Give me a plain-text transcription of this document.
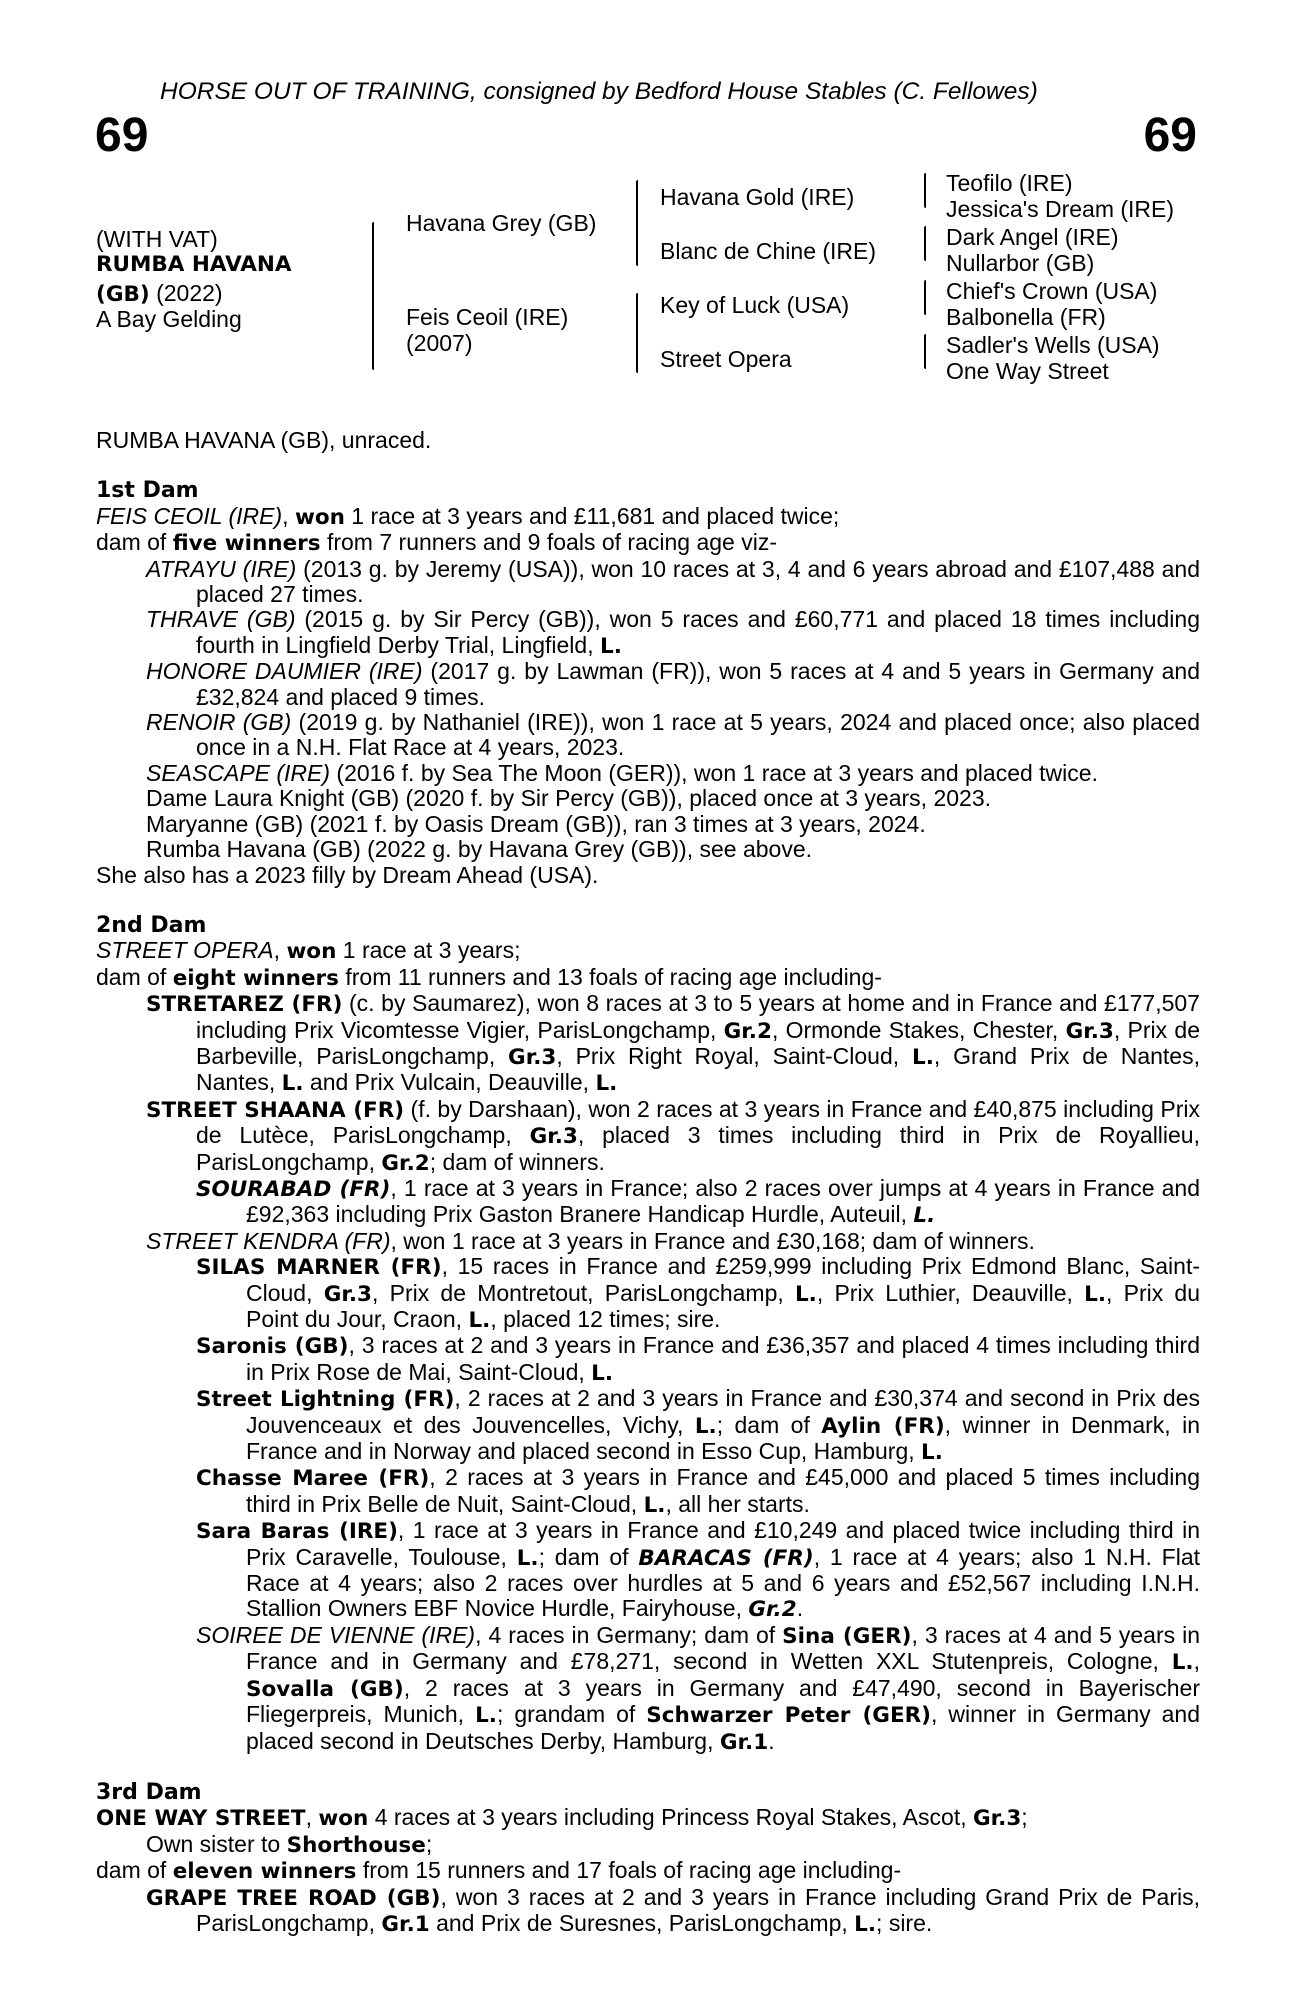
HORSE OUT OF TRAINING, consigned by Bedford House Stables (C. Fellowes)
69	69
(WITH VAT)
RUMBA HAVANA
(GB) (2022)
A Bay Gelding
Havana Grey (GB)
Feis Ceoil (IRE)
(2007)
Havana Gold (IRE)
Blanc de Chine (IRE)
Key of Luck (USA)
Street Opera
Teofilo (IRE)
Jessica's Dream (IRE)
Dark Angel (IRE)
Nullarbor (GB)
Chief's Crown (USA)
Balbonella (FR)
Sadler's Wells (USA)
One Way Street
RUMBA HAVANA (GB), unraced.
1st Dam
FEIS CEOIL (IRE), won 1 race at 3 years and £11,681 and placed twice;
dam of five winners from 7 runners and 9 foals of racing age viz-
ATRAYU (IRE) (2013 g. by Jeremy (USA)), won 10 races at 3, 4 and 6 years abroad and £107,488 and placed 27 times.
THRAVE (GB) (2015 g. by Sir Percy (GB)), won 5 races and £60,771 and placed 18 times including fourth in Lingfield Derby Trial, Lingfield, L.
HONORE DAUMIER (IRE) (2017 g. by Lawman (FR)), won 5 races at 4 and 5 years in Germany and £32,824 and placed 9 times.
RENOIR (GB) (2019 g. by Nathaniel (IRE)), won 1 race at 5 years, 2024 and placed once; also placed once in a N.H. Flat Race at 4 years, 2023.
SEASCAPE (IRE) (2016 f. by Sea The Moon (GER)), won 1 race at 3 years and placed twice.
Dame Laura Knight (GB) (2020 f. by Sir Percy (GB)), placed once at 3 years, 2023.
Maryanne (GB) (2021 f. by Oasis Dream (GB)), ran 3 times at 3 years, 2024.
Rumba Havana (GB) (2022 g. by Havana Grey (GB)), see above.
She also has a 2023 filly by Dream Ahead (USA).
2nd Dam
STREET OPERA, won 1 race at 3 years;
dam of eight winners from 11 runners and 13 foals of racing age including-
STRETAREZ (FR) (c. by Saumarez), won 8 races at 3 to 5 years at home and in France and £177,507 including Prix Vicomtesse Vigier, ParisLongchamp, Gr.2, Ormonde Stakes, Chester, Gr.3, Prix de Barbeville, ParisLongchamp, Gr.3, Prix Right Royal, Saint-Cloud, L., Grand Prix de Nantes, Nantes, L. and Prix Vulcain, Deauville, L.
STREET SHAANA (FR) (f. by Darshaan), won 2 races at 3 years in France and £40,875 including Prix de Lutèce, ParisLongchamp, Gr.3, placed 3 times including third in Prix de Royallieu, ParisLongchamp, Gr.2; dam of winners.
SOURABAD (FR), 1 race at 3 years in France; also 2 races over jumps at 4 years in France and £92,363 including Prix Gaston Branere Handicap Hurdle, Auteuil, L.
STREET KENDRA (FR), won 1 race at 3 years in France and £30,168; dam of winners.
SILAS MARNER (FR), 15 races in France and £259,999 including Prix Edmond Blanc, Saint-Cloud, Gr.3, Prix de Montretout, ParisLongchamp, L., Prix Luthier, Deauville, L., Prix du Point du Jour, Craon, L., placed 12 times; sire.
Saronis (GB), 3 races at 2 and 3 years in France and £36,357 and placed 4 times including third in Prix Rose de Mai, Saint-Cloud, L.
Street Lightning (FR), 2 races at 2 and 3 years in France and £30,374 and second in Prix des Jouvenceaux et des Jouvencelles, Vichy, L.; dam of Aylin (FR), winner in Denmark, in France and in Norway and placed second in Esso Cup, Hamburg, L.
Chasse Maree (FR), 2 races at 3 years in France and £45,000 and placed 5 times including third in Prix Belle de Nuit, Saint-Cloud, L., all her starts.
Sara Baras (IRE), 1 race at 3 years in France and £10,249 and placed twice including third in Prix Caravelle, Toulouse, L.; dam of BARACAS (FR), 1 race at 4 years; also 1 N.H. Flat Race at 4 years; also 2 races over hurdles at 5 and 6 years and £52,567 including I.N.H. Stallion Owners EBF Novice Hurdle, Fairyhouse, Gr.2.
SOIREE DE VIENNE (IRE), 4 races in Germany; dam of Sina (GER), 3 races at 4 and 5 years in France and in Germany and £78,271, second in Wetten XXL Stutenpreis, Cologne, L., Sovalla (GB), 2 races at 3 years in Germany and £47,490, second in Bayerischer Fliegerpreis, Munich, L.; grandam of Schwarzer Peter (GER), winner in Germany and placed second in Deutsches Derby, Hamburg, Gr.1.
3rd Dam
ONE WAY STREET, won 4 races at 3 years including Princess Royal Stakes, Ascot, Gr.3;
Own sister to Shorthouse;
dam of eleven winners from 15 runners and 17 foals of racing age including-
GRAPE TREE ROAD (GB), won 3 races at 2 and 3 years in France including Grand Prix de Paris, ParisLongchamp, Gr.1 and Prix de Suresnes, ParisLongchamp, L.; sire.
